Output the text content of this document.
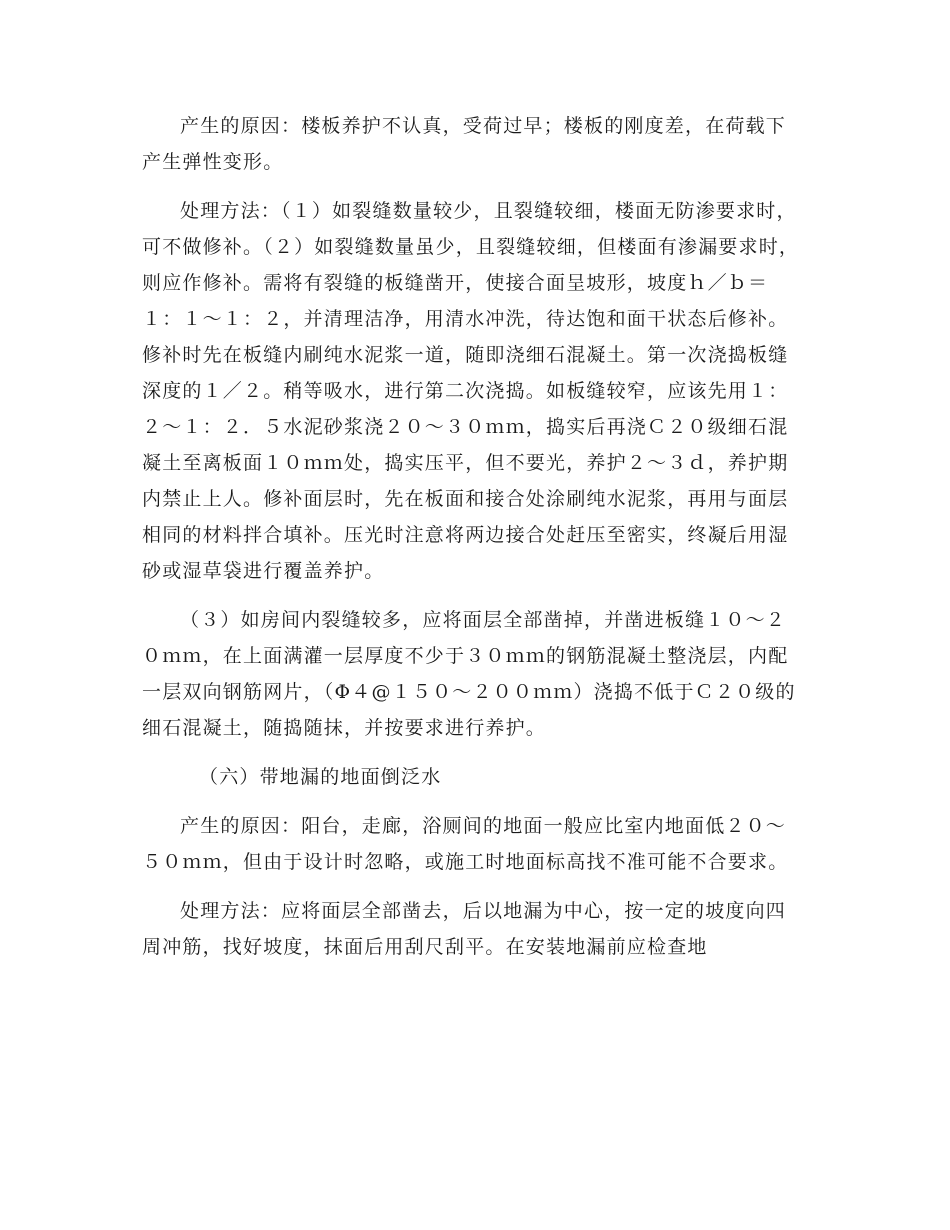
产生的原因：楼板养护不认真，受荷过早；楼板的刚度差，在荷载下产生弹性变形。

处理方法：（１）如裂缝数量较少，且裂缝较细，楼面无防渗要求时，可不做修补。（２）如裂缝数量虽少，且裂缝较细，但楼面有渗漏要求时，则应作修补。需将有裂缝的板缝凿开，使接合面呈坡形，坡度ｈ／ｂ＝１：１～１：２，并清理洁净，用清水冲洗，待达饱和面干状态后修补。修补时先在板缝内刷纯水泥浆一道，随即浇细石混凝土。第一次浇捣板缝深度的１／２。稍等吸水，进行第二次浇捣。如板缝较窄，应该先用１：２～１：２．５水泥砂浆浇２０～３０ｍｍ，捣实后再浇Ｃ２０级细石混凝土至离板面１０ｍｍ处，捣实压平，但不要光，养护２～３ｄ，养护期内禁止上人。修补面层时，先在板面和接合处涂刷纯水泥浆，再用与面层相同的材料拌合填补。压光时注意将两边接合处赶压至密实，终凝后用湿砂或湿草袋进行覆盖养护。

（３）如房间内裂缝较多，应将面层全部凿掉，并凿进板缝１０～２０ｍｍ，在上面满灌一层厚度不少于３０ｍｍ的钢筋混凝土整浇层，内配一层双向钢筋网片，（Φ４@１５０～２００ｍｍ）浇捣不低于Ｃ２０级的细石混凝土，随捣随抹，并按要求进行养护。

（六）带地漏的地面倒泛水

产生的原因：阳台，走廊，浴厕间的地面一般应比室内地面低２０～５０ｍｍ，但由于设计时忽略，或施工时地面标高找不准可能不合要求。

处理方法：应将面层全部凿去，后以地漏为中心，按一定的坡度向四周冲筋，找好坡度，抹面后用刮尺刮平。在安装地漏前应检查地
